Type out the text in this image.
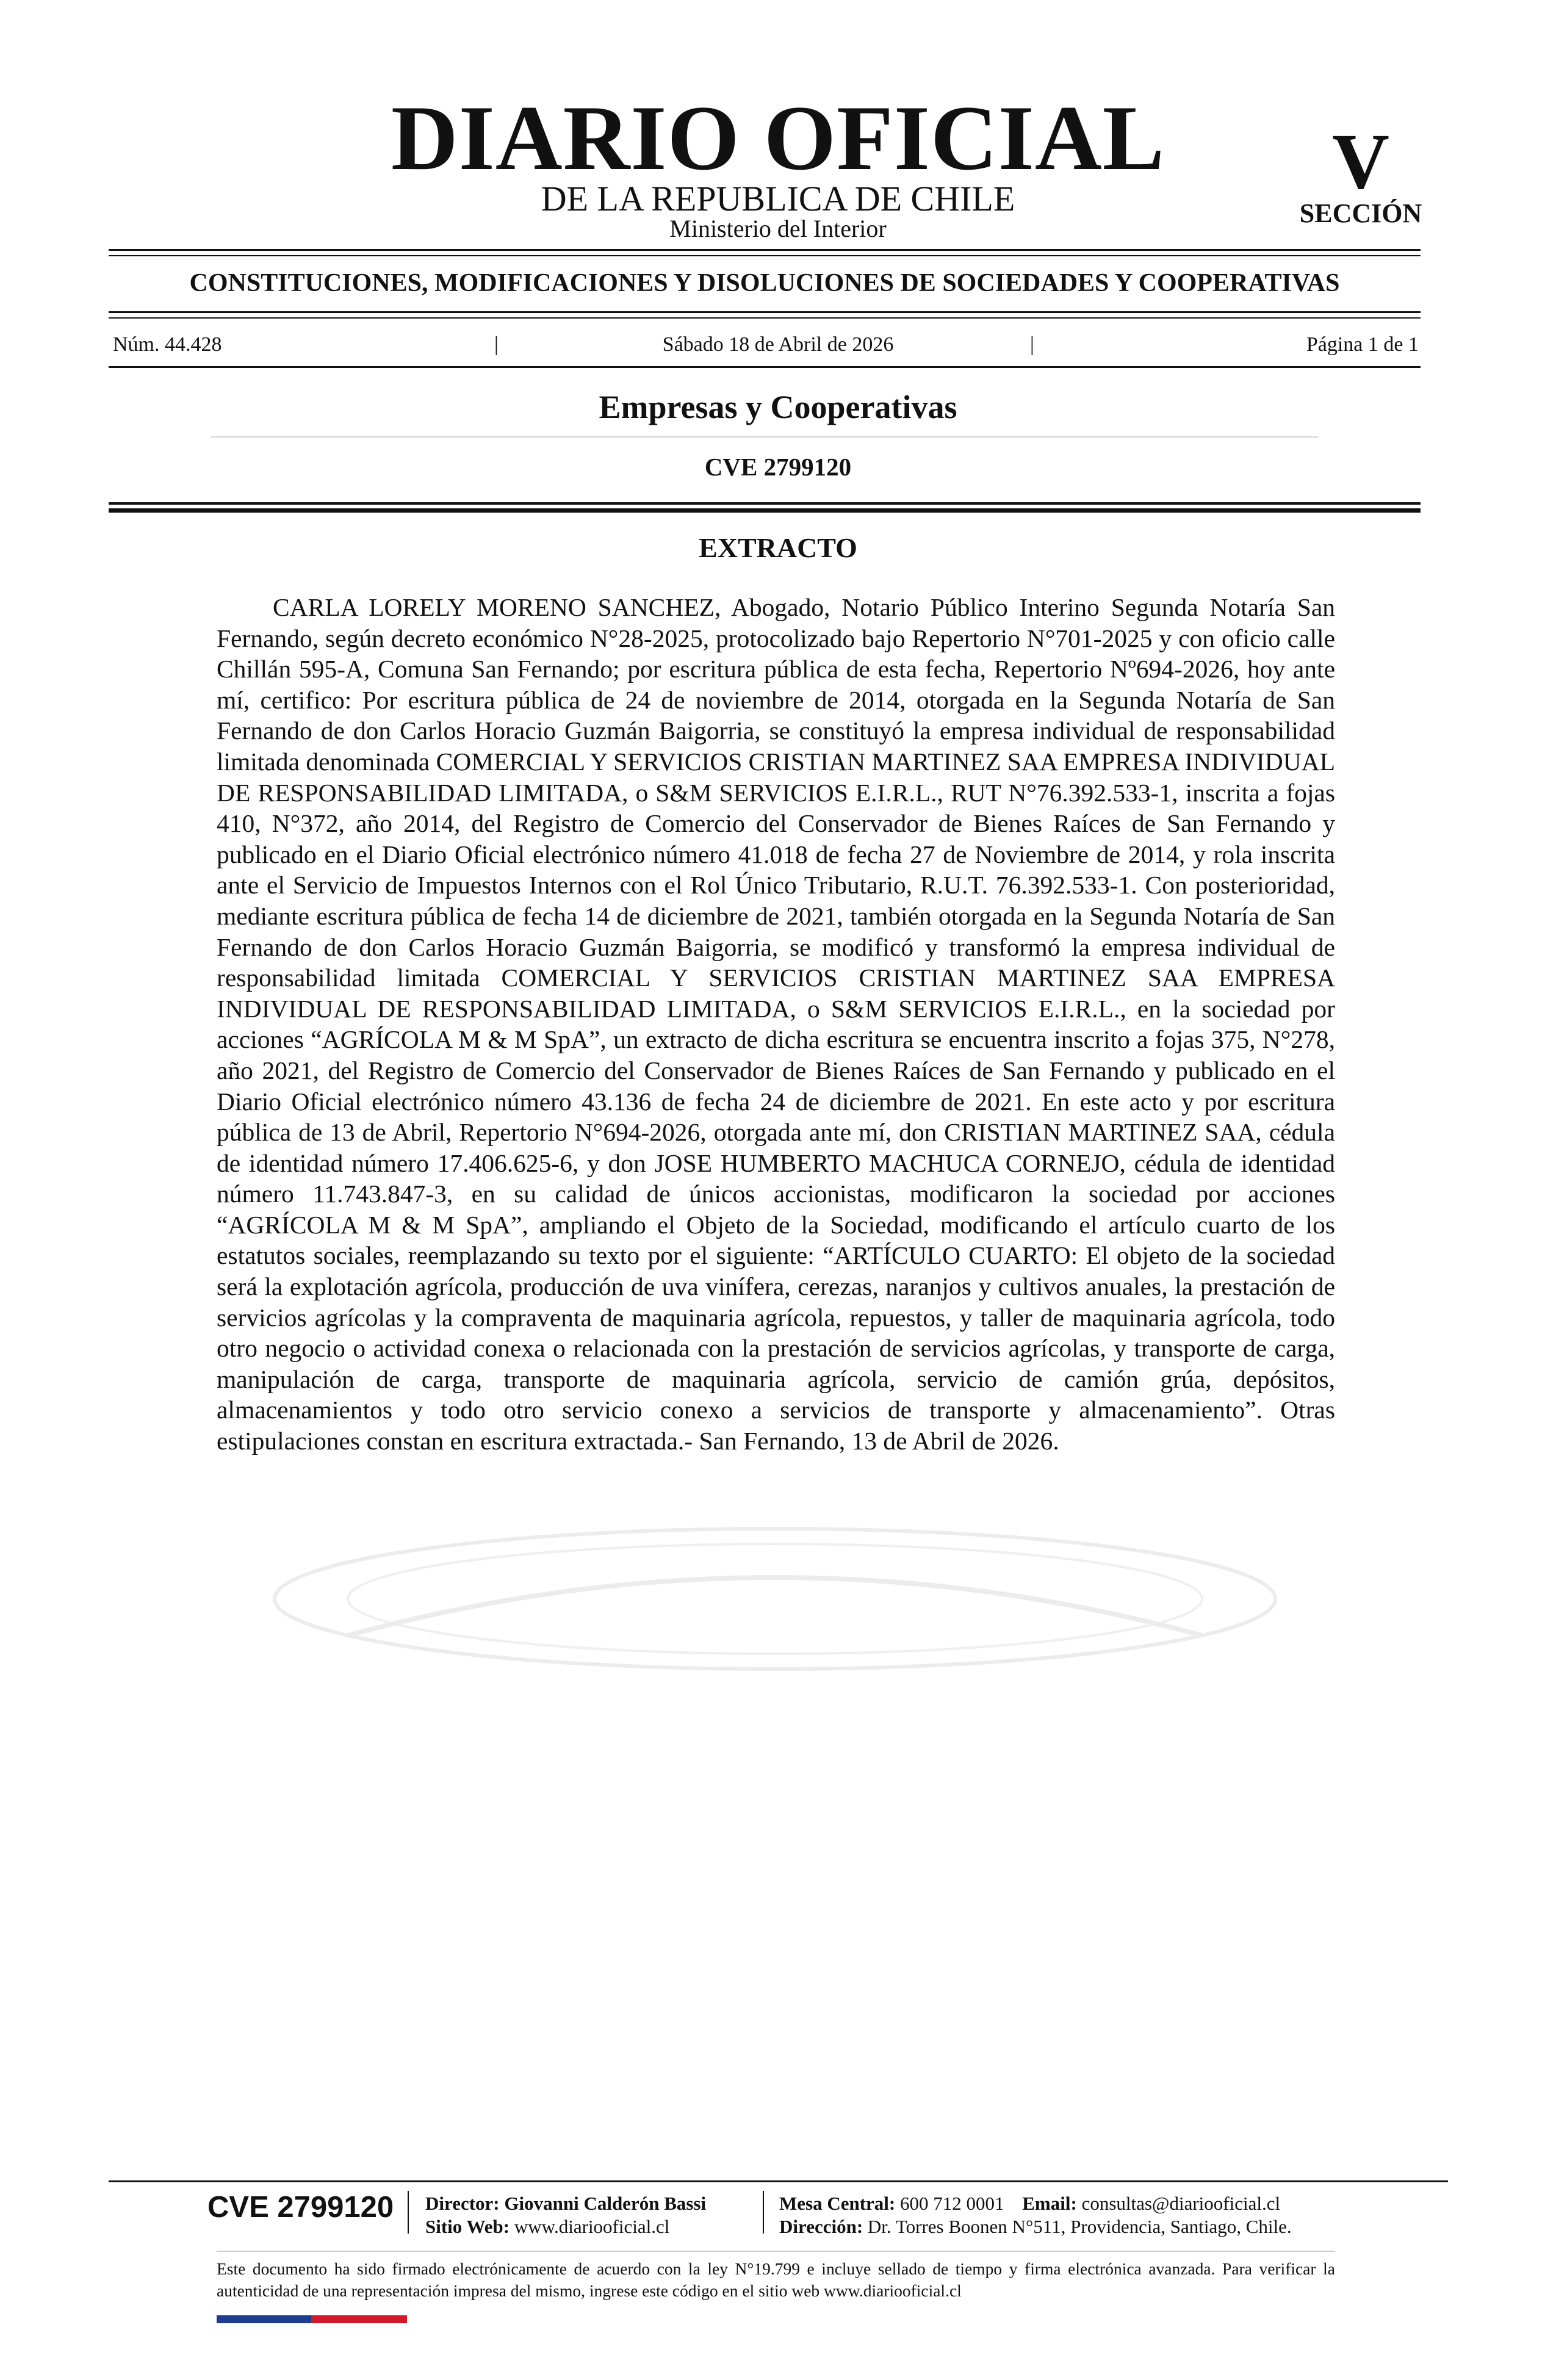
DIARIO OFICIAL
DE LA REPUBLICA DE CHILE
Ministerio del Interior
V
SECCIÓN
CONSTITUCIONES, MODIFICACIONES Y DISOLUCIONES DE SOCIEDADES Y COOPERATIVAS
Núm. 44.428	|	Sábado 18 de Abril de 2026	|	Página 1 de 1
Empresas y Cooperativas
CVE 2799120
EXTRACTO

CARLA LORELY MORENO SANCHEZ, Abogado, Notario Público Interino Segunda Notaría San Fernando, según decreto económico N°28-2025, protocolizado bajo Repertorio N°701-2025 y con oficio calle Chillán 595-A, Comuna San Fernando; por escritura pública de esta fecha, Repertorio Nº694-2026, hoy ante mí, certifico: Por escritura pública de 24 de noviembre de 2014, otorgada en la Segunda Notaría de San Fernando de don Carlos Horacio Guzmán Baigorria, se constituyó la empresa individual de responsabilidad limitada denominada COMERCIAL Y SERVICIOS CRISTIAN MARTINEZ SAA EMPRESA INDIVIDUAL DE RESPONSABILIDAD LIMITADA, o S&M SERVICIOS E.I.R.L., RUT N°76.392.533-1, inscrita a fojas 410, N°372, año 2014, del Registro de Comercio del Conservador de Bienes Raíces de San Fernando y publicado en el Diario Oficial electrónico número 41.018 de fecha 27 de Noviembre de 2014, y rola inscrita ante el Servicio de Impuestos Internos con el Rol Único Tributario, R.U.T. 76.392.533-1. Con posterioridad, mediante escritura pública de fecha 14 de diciembre de 2021, también otorgada en la Segunda Notaría de San Fernando de don Carlos Horacio Guzmán Baigorria, se modificó y transformó la empresa individual de responsabilidad limitada COMERCIAL Y SERVICIOS CRISTIAN MARTINEZ SAA EMPRESA INDIVIDUAL DE RESPONSABILIDAD LIMITADA, o S&M SERVICIOS E.I.R.L., en la sociedad por acciones “AGRÍCOLA M & M SpA”, un extracto de dicha escritura se encuentra inscrito a fojas 375, N°278, año 2021, del Registro de Comercio del Conservador de Bienes Raíces de San Fernando y publicado en el Diario Oficial electrónico número 43.136 de fecha 24 de diciembre de 2021. En este acto y por escritura pública de 13 de Abril, Repertorio N°694-2026, otorgada ante mí, don CRISTIAN MARTINEZ SAA, cédula de identidad número 17.406.625-6, y don JOSE HUMBERTO MACHUCA CORNEJO, cédula de identidad número 11.743.847-3, en su calidad de únicos accionistas, modificaron la sociedad por acciones “AGRÍCOLA M & M SpA”, ampliando el Objeto de la Sociedad, modificando el artículo cuarto de los estatutos sociales, reemplazando su texto por el siguiente: “ARTÍCULO CUARTO: El objeto de la sociedad será la explotación agrícola, producción de uva vinífera, cerezas, naranjos y cultivos anuales, la prestación de servicios agrícolas y la compraventa de maquinaria agrícola, repuestos, y taller de maquinaria agrícola, todo otro negocio o actividad conexa o relacionada con la prestación de servicios agrícolas, y transporte de carga, manipulación de carga, transporte de maquinaria agrícola, servicio de camión grúa, depósitos, almacenamientos y todo otro servicio conexo a servicios de transporte y almacenamiento”. Otras estipulaciones constan en escritura extractada.- San Fernando, 13 de Abril de 2026.

CVE 2799120	Director: Giovanni Calderón Bassi
Sitio Web: www.diariooficial.cl
Mesa Central: 600 712 0001 Email: consultas@diariooficial.cl
Dirección: Dr. Torres Boonen N°511, Providencia, Santiago, Chile.

Este documento ha sido firmado electrónicamente de acuerdo con la ley N°19.799 e incluye sellado de tiempo y firma electrónica avanzada. Para verificar la autenticidad de una representación impresa del mismo, ingrese este código en el sitio web www.diariooficial.cl
